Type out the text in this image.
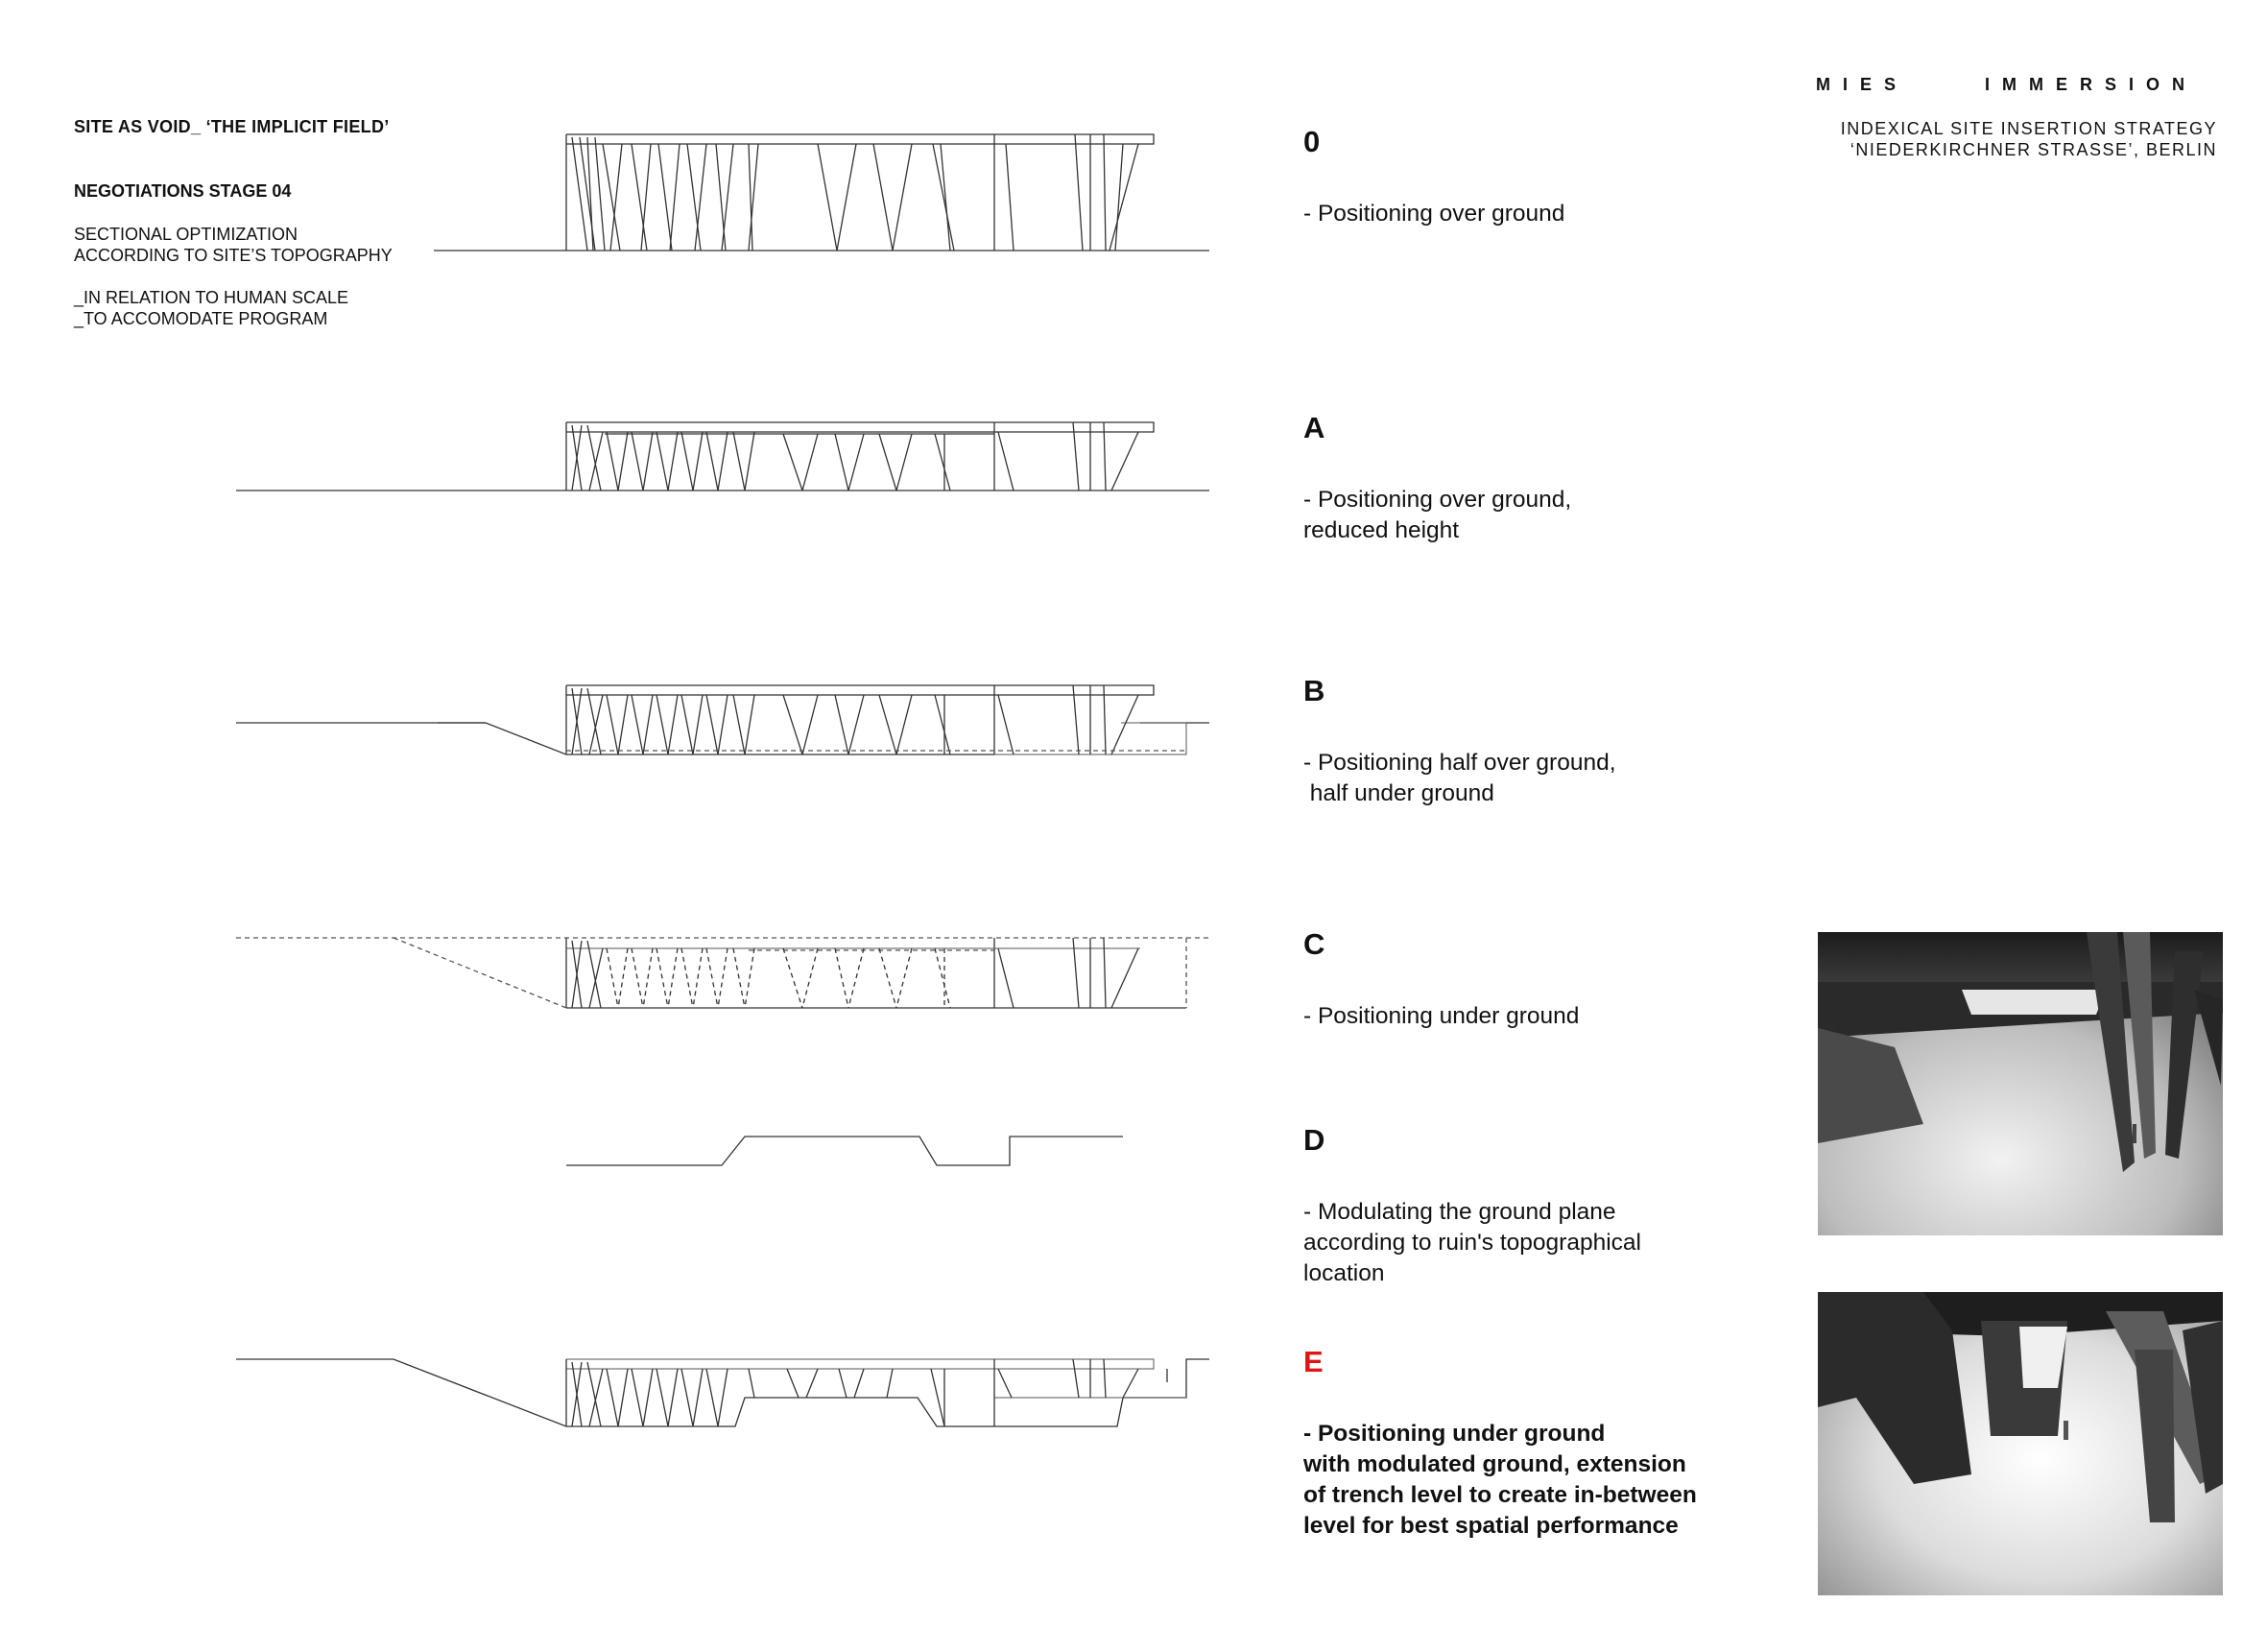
SITE AS VOID_ ‘THE IMPLICIT FIELD’
NEGOTIATIONS STAGE 04
SECTIONAL OPTIMIZATION
ACCORDING TO SITE’S TOPOGRAPHY
_IN RELATION TO HUMAN SCALE
_TO ACCOMODATE PROGRAM
MIES	IMMERSION
INDEXICAL SITE INSERTION STRATEGY
‘NIEDERKIRCHNER STRASSE’, BERLIN
0
- Positioning over ground
A
- Positioning over ground,
reduced height
B
- Positioning half over ground,
half under ground
C
- Positioning under ground
D
- Modulating the ground plane
according to ruin's topographical
location
E
- Positioning under ground
with modulated ground, extension
of trench level to create in-between
level for best spatial performance
